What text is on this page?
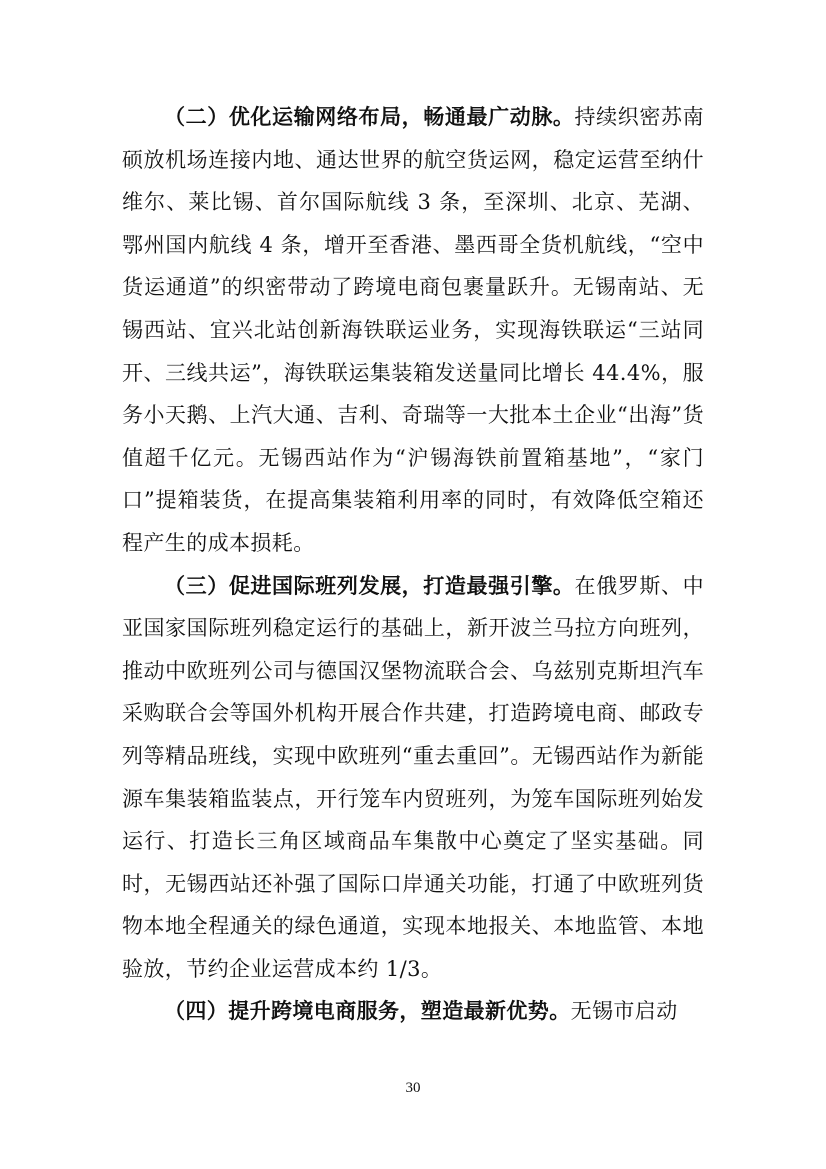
（二）优化运输网络布局，畅通最广动脉。持续织密苏南硕放机场连接内地、通达世界的航空货运网，稳定运营至纳什维尔、莱比锡、首尔国际航线 3 条，至深圳、北京、芜湖、鄂州国内航线 4 条，增开至香港、墨西哥全货机航线，“空中货运通道”的织密带动了跨境电商包裹量跃升。无锡南站、无锡西站、宜兴北站创新海铁联运业务，实现海铁联运“三站同开、三线共运”，海铁联运集装箱发送量同比增长 44.4%，服务小天鹅、上汽大通、吉利、奇瑞等一大批本土企业“出海”货值超千亿元。无锡西站作为“沪锡海铁前置箱基地”，“家门口”提箱装货，在提高集装箱利用率的同时，有效降低空箱还程产生的成本损耗。

（三）促进国际班列发展，打造最强引擎。在俄罗斯、中亚国家国际班列稳定运行的基础上，新开波兰马拉方向班列，推动中欧班列公司与德国汉堡物流联合会、乌兹别克斯坦汽车采购联合会等国外机构开展合作共建，打造跨境电商、邮政专列等精品班线，实现中欧班列“重去重回”。无锡西站作为新能源车集装箱监装点，开行笼车内贸班列，为笼车国际班列始发运行、打造长三角区域商品车集散中心奠定了坚实基础。同时，无锡西站还补强了国际口岸通关功能，打通了中欧班列货物本地全程通关的绿色通道，实现本地报关、本地监管、本地验放，节约企业运营成本约 1/3。

（四）提升跨境电商服务，塑造最新优势。无锡市启动

30
